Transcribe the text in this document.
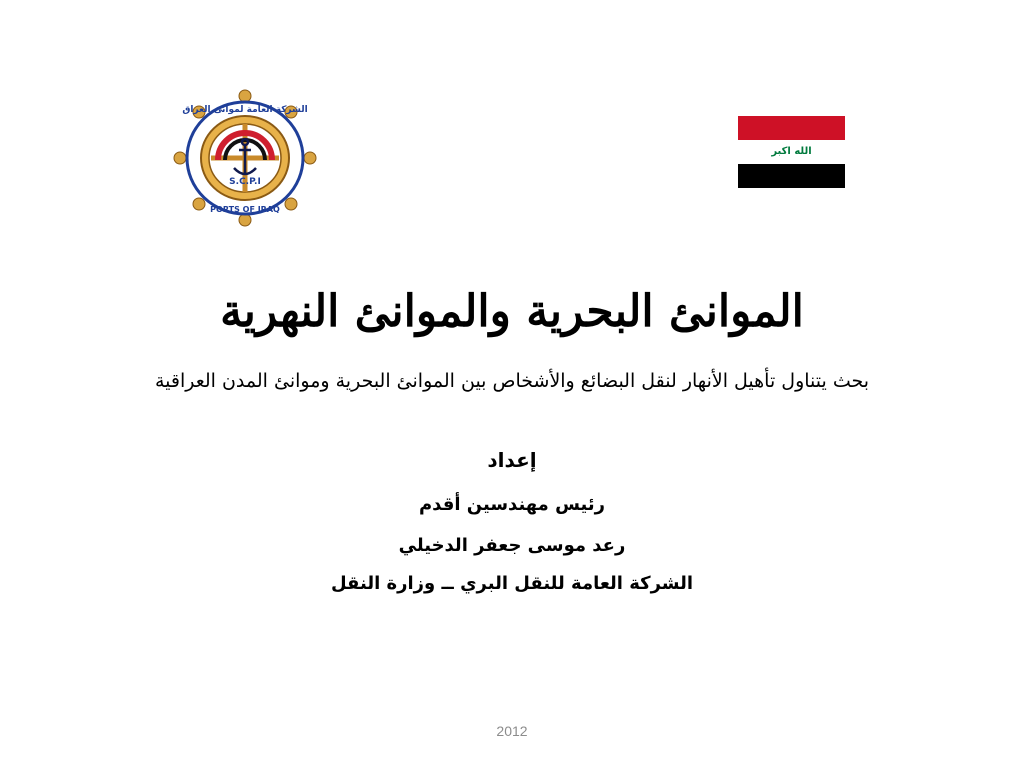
الشركة العامة لموانئ العراق
PORTS OF IRAQ
S.C.P.I
الله اكبر
الموانئ البحرية والموانئ النهرية
بحث يتناول تأهيل الأنهار لنقل البضائع والأشخاص بين الموانئ البحرية وموانئ المدن العراقية
إعداد
رئيس مهندسين أقدم
رعد موسى جعفر الدخيلي
الشركة العامة للنقل البري ــ وزارة النقل
2012
